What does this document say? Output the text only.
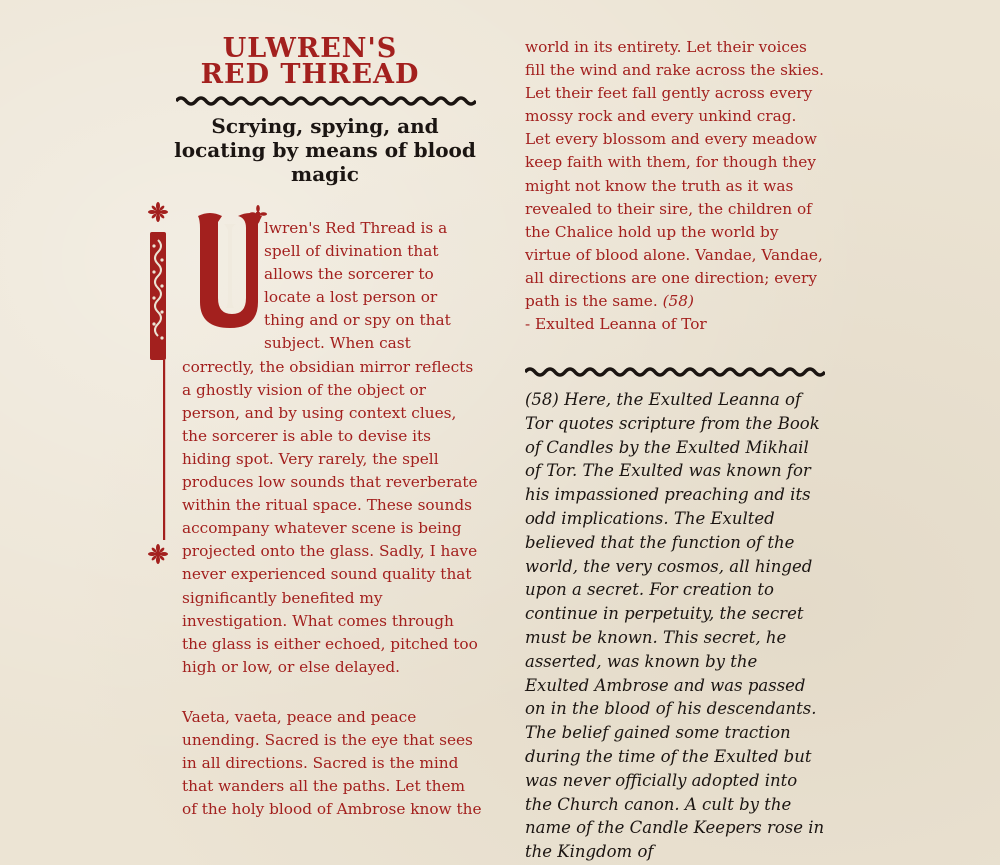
ULWREN'S RED THREAD
Scrying, spying, and locating by means of blood magic

lwren's Red Thread is a spell of divination that allows the sorcerer to locate a lost person or thing and or spy on that subject. When cast correctly, the obsidian mirror reflects a ghostly vision of the object or person, and by using context clues, the sorcerer is able to devise its hiding spot. Very rarely, the spell produces low sounds that reverberate within the ritual space. These sounds accompany whatever scene is being projected onto the glass. Sadly, I have never experienced sound quality that significantly benefited my investigation. What comes through the glass is either echoed, pitched too high or low, or else delayed.

Vaeta, vaeta, peace and peace unending. Sacred is the eye that sees in all directions. Sacred is the mind that wanders all the paths. Let them of the holy blood of Ambrose know the

world in its entirety. Let their voices fill the wind and rake across the skies. Let their feet fall gently across every mossy rock and every unkind crag. Let every blossom and every meadow keep faith with them, for though they might not know the truth as it was revealed to their sire, the children of the Chalice hold up the world by virtue of blood alone. Vandae, Vandae, all directions are one direction; every path is the same. (58)
- Exulted Leanna of Tor

(58) Here, the Exulted Leanna of Tor quotes scripture from the Book of Candles by the Exulted Mikhail of Tor. The Exulted was known for his impassioned preaching and its odd implications. The Exulted believed that the function of the world, the very cosmos, all hinged upon a secret. For creation to continue in perpetuity, the secret must be known. This secret, he asserted, was known by the Exulted Ambrose and was passed on in the blood of his descendants. The belief gained some traction during the time of the Exulted but was never officially adopted into the Church canon. A cult by the name of the Candle Keepers rose in the Kingdom of
